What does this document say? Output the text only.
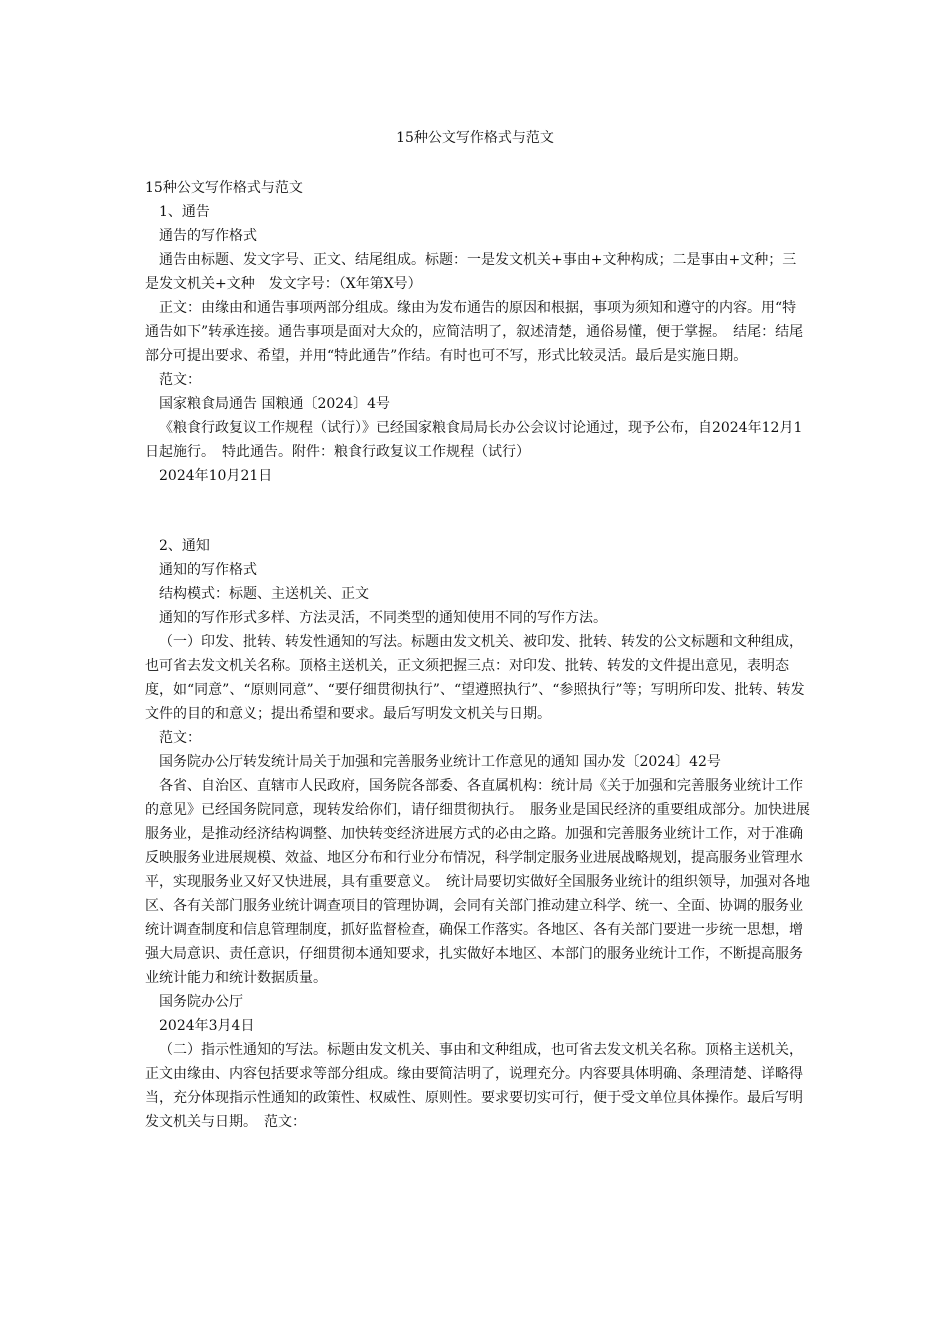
15种公文写作格式与范文

15种公文写作格式与范文

1、通告

通告的写作格式

通告由标题、发文字号、正文、结尾组成。标题：一是发文机关+事由+文种构成；二是事由+文种；三是发文机关+文种　发文字号：（X年第X号）

正文：由缘由和通告事项两部分组成。缘由为发布通告的原因和根据，事项为须知和遵守的内容。用“特通告如下”转承连接。通告事项是面对大众的，应简洁明了，叙述清楚，通俗易懂，便于掌握。　结尾：结尾部分可提出要求、希望，并用“特此通告”作结。有时也可不写，形式比较灵活。最后是实施日期。

范文：

国家粮食局通告 国粮通〔2024〕4号

《粮食行政复议工作规程（试行）》已经国家粮食局局长办公会议讨论通过，现予公布，自2024年12月1日起施行。　特此通告。附件：粮食行政复议工作规程（试行）

2024年10月21日

2、通知

通知的写作格式

结构模式：标题、主送机关、正文

通知的写作形式多样、方法灵活，不同类型的通知使用不同的写作方法。

（一）印发、批转、转发性通知的写法。标题由发文机关、被印发、批转、转发的公文标题和文种组成，也可省去发文机关名称。顶格主送机关，正文须把握三点：对印发、批转、转发的文件提出意见，表明态度，如“同意”、“原则同意”、“要仔细贯彻执行”、“望遵照执行”、“参照执行”等；写明所印发、批转、转发文件的目的和意义；提出希望和要求。最后写明发文机关与日期。

范文：

国务院办公厅转发统计局关于加强和完善服务业统计工作意见的通知 国办发〔2024〕42号

各省、自治区、直辖市人民政府，国务院各部委、各直属机构：统计局《关于加强和完善服务业统计工作的意见》已经国务院同意，现转发给你们，请仔细贯彻执行。　服务业是国民经济的重要组成部分。加快进展服务业，是推动经济结构调整、加快转变经济进展方式的必由之路。加强和完善服务业统计工作，对于准确反映服务业进展规模、效益、地区分布和行业分布情况，科学制定服务业进展战略规划，提高服务业管理水平，实现服务业又好又快进展，具有重要意义。　统计局要切实做好全国服务业统计的组织领导，加强对各地区、各有关部门服务业统计调查项目的管理协调，会同有关部门推动建立科学、统一、全面、协调的服务业统计调查制度和信息管理制度，抓好监督检查，确保工作落实。各地区、各有关部门要进一步统一思想，增强大局意识、责任意识，仔细贯彻本通知要求，扎实做好本地区、本部门的服务业统计工作，不断提高服务业统计能力和统计数据质量。

国务院办公厅

2024年3月4日

（二）指示性通知的写法。标题由发文机关、事由和文种组成，也可省去发文机关名称。顶格主送机关，正文由缘由、内容包括要求等部分组成。缘由要简洁明了，说理充分。内容要具体明确、条理清楚、详略得当，充分体现指示性通知的政策性、权威性、原则性。要求要切实可行，便于受文单位具体操作。最后写明发文机关与日期。　范文：
